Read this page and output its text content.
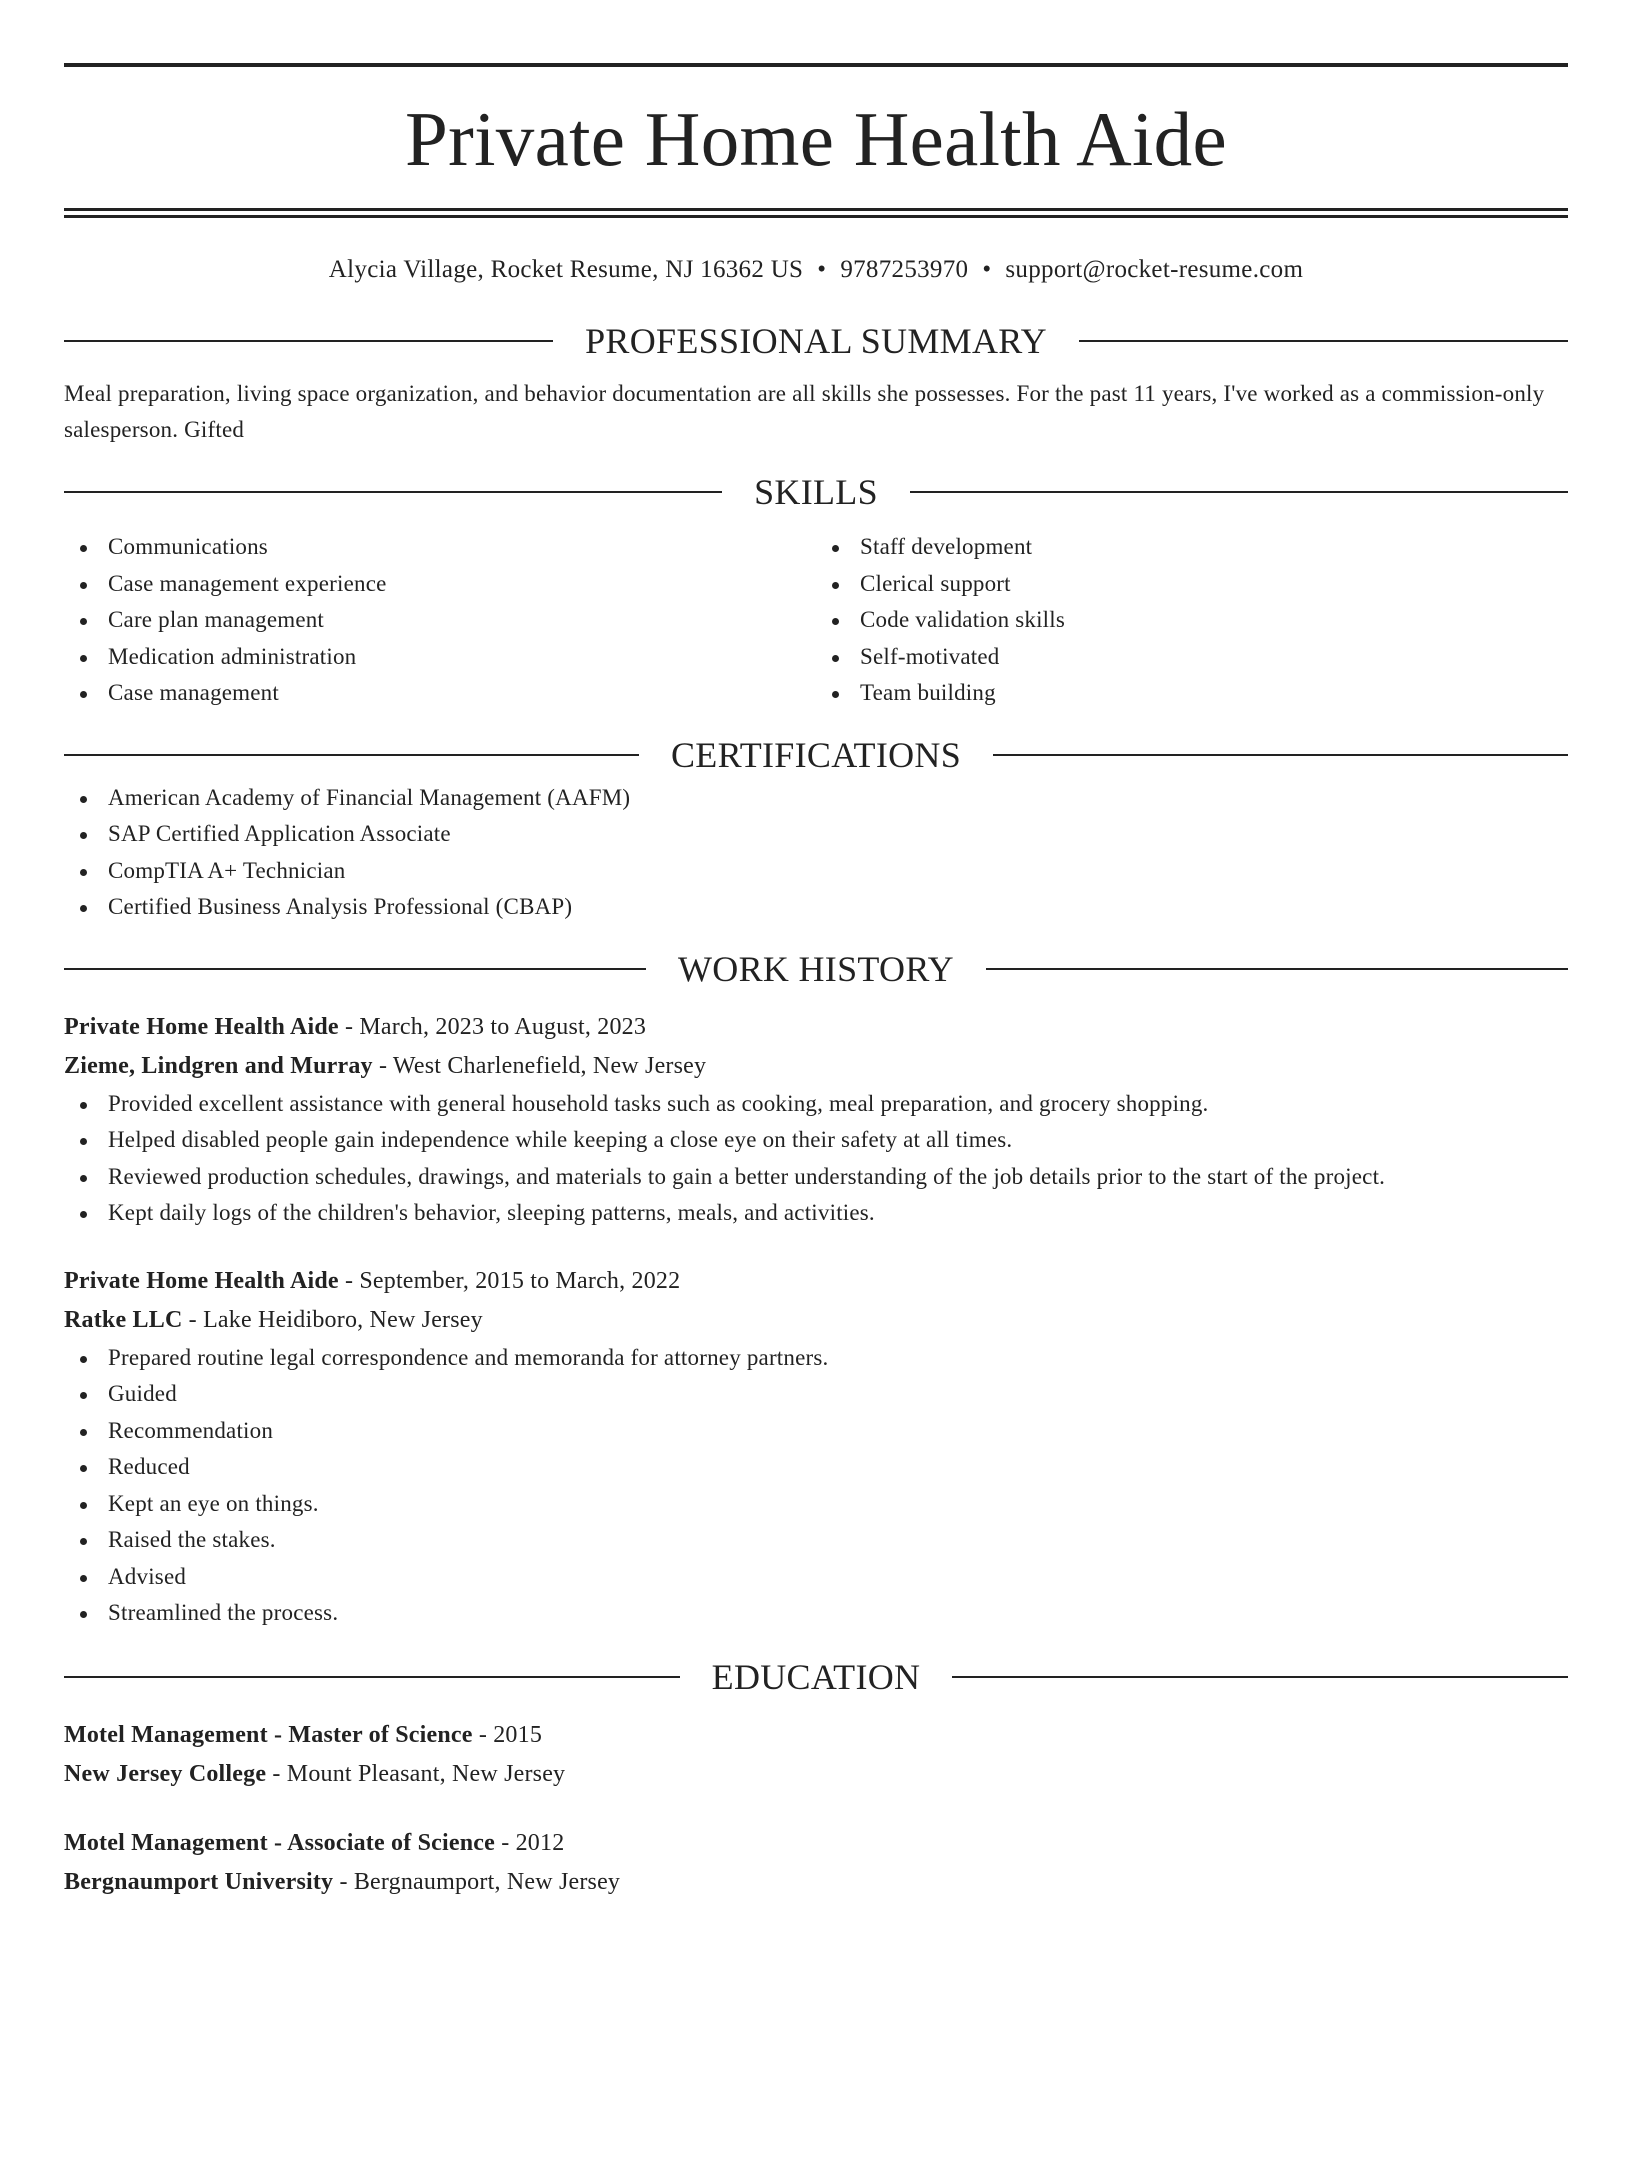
Private Home Health Aide
Alycia Village, Rocket Resume, NJ 16362 US • 9787253970 • support@rocket-resume.com
PROFESSIONAL SUMMARY
Meal preparation, living space organization, and behavior documentation are all skills she possesses. For the past 11 years, I've worked as a commission-only salesperson. Gifted
SKILLS
Communications
Case management experience
Care plan management
Medication administration
Case management
Staff development
Clerical support
Code validation skills
Self-motivated
Team building
CERTIFICATIONS
American Academy of Financial Management (AAFM)
SAP Certified Application Associate
CompTIA A+ Technician
Certified Business Analysis Professional (CBAP)
WORK HISTORY
Private Home Health Aide - March, 2023 to August, 2023
Zieme, Lindgren and Murray - West Charlenefield, New Jersey
Provided excellent assistance with general household tasks such as cooking, meal preparation, and grocery shopping.
Helped disabled people gain independence while keeping a close eye on their safety at all times.
Reviewed production schedules, drawings, and materials to gain a better understanding of the job details prior to the start of the project.
Kept daily logs of the children's behavior, sleeping patterns, meals, and activities.
Private Home Health Aide - September, 2015 to March, 2022
Ratke LLC - Lake Heidiboro, New Jersey
Prepared routine legal correspondence and memoranda for attorney partners.
Guided
Recommendation
Reduced
Kept an eye on things.
Raised the stakes.
Advised
Streamlined the process.
EDUCATION
Motel Management - Master of Science - 2015
New Jersey College - Mount Pleasant, New Jersey
Motel Management - Associate of Science - 2012
Bergnaumport University - Bergnaumport, New Jersey
